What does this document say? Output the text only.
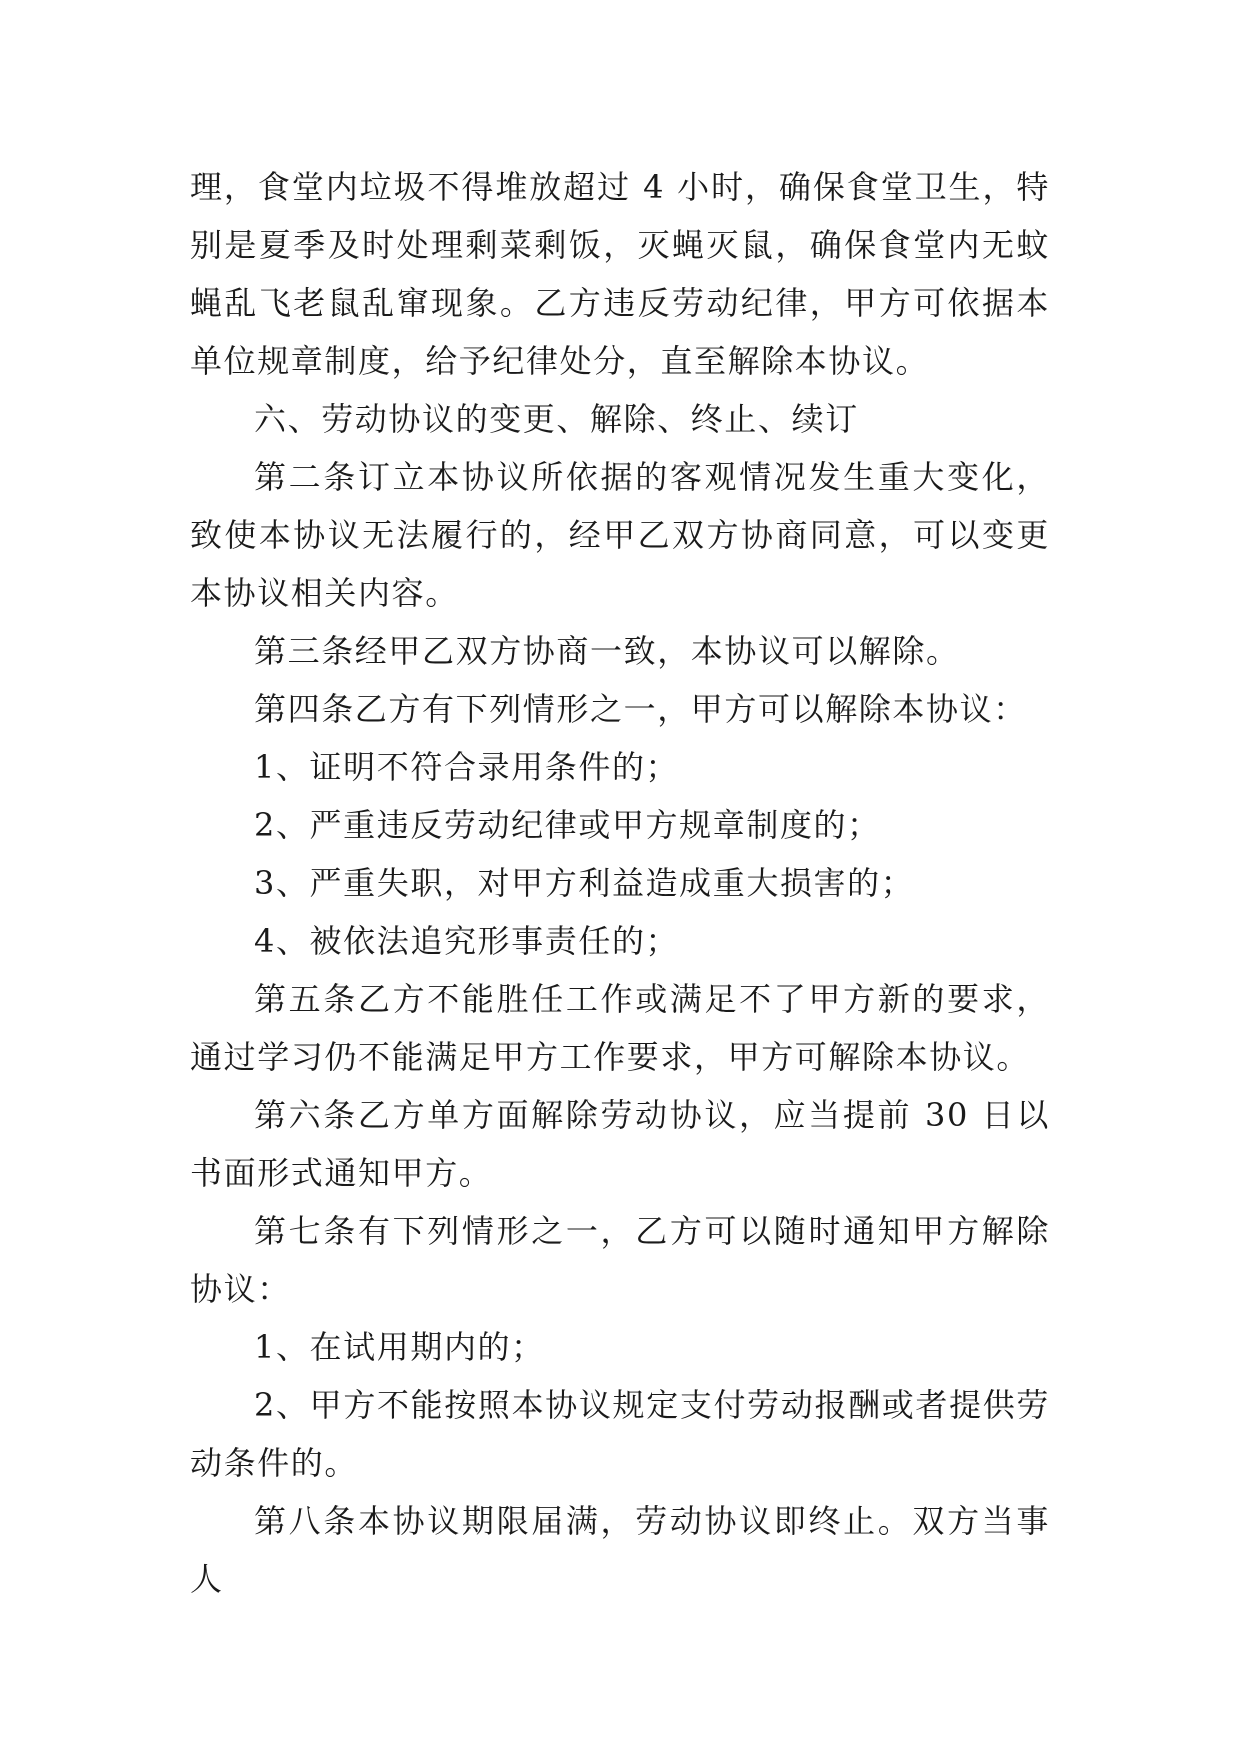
理，食堂内垃圾不得堆放超过 4 小时，确保食堂卫生，特别是夏季及时处理剩菜剩饭，灭蝇灭鼠，确保食堂内无蚊蝇乱飞老鼠乱窜现象。乙方违反劳动纪律，甲方可依据本单位规章制度，给予纪律处分，直至解除本协议。

六、劳动协议的变更、解除、终止、续订

第二条订立本协议所依据的客观情况发生重大变化，致使本协议无法履行的，经甲乙双方协商同意，可以变更本协议相关内容。

第三条经甲乙双方协商一致，本协议可以解除。

第四条乙方有下列情形之一，甲方可以解除本协议：

1、证明不符合录用条件的；

2、严重违反劳动纪律或甲方规章制度的；

3、严重失职，对甲方利益造成重大损害的；

4、被依法追究形事责任的；

第五条乙方不能胜任工作或满足不了甲方新的要求，通过学习仍不能满足甲方工作要求，甲方可解除本协议。

第六条乙方单方面解除劳动协议，应当提前 30 日以书面形式通知甲方。

第七条有下列情形之一，乙方可以随时通知甲方解除协议：

1、在试用期内的；

2、甲方不能按照本协议规定支付劳动报酬或者提供劳动条件的。

第八条本协议期限届满，劳动协议即终止。双方当事人
